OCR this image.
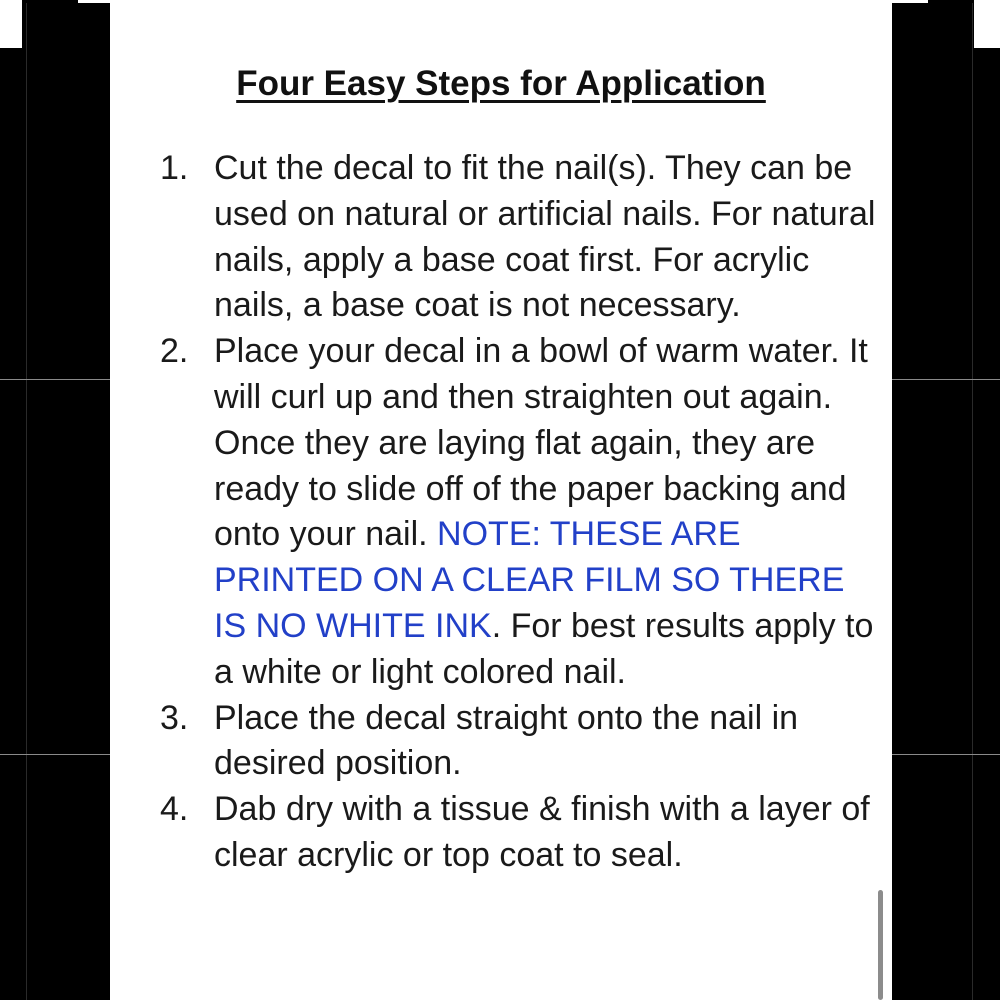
Four Easy Steps for Application
1. Cut the decal to fit the nail(s). They can be used on natural or artificial nails. For natural nails, apply a base coat first. For acrylic nails, a base coat is not necessary.
2. Place your decal in a bowl of warm water. It will curl up and then straighten out again. Once they are laying flat again, they are ready to slide off of the paper backing and onto your nail. NOTE: THESE ARE PRINTED ON A CLEAR FILM SO THERE IS NO WHITE INK. For best results apply to a white or light colored nail.
3. Place the decal straight onto the nail in desired position.
4. Dab dry with a tissue & finish with a layer of clear acrylic or top coat to seal.
